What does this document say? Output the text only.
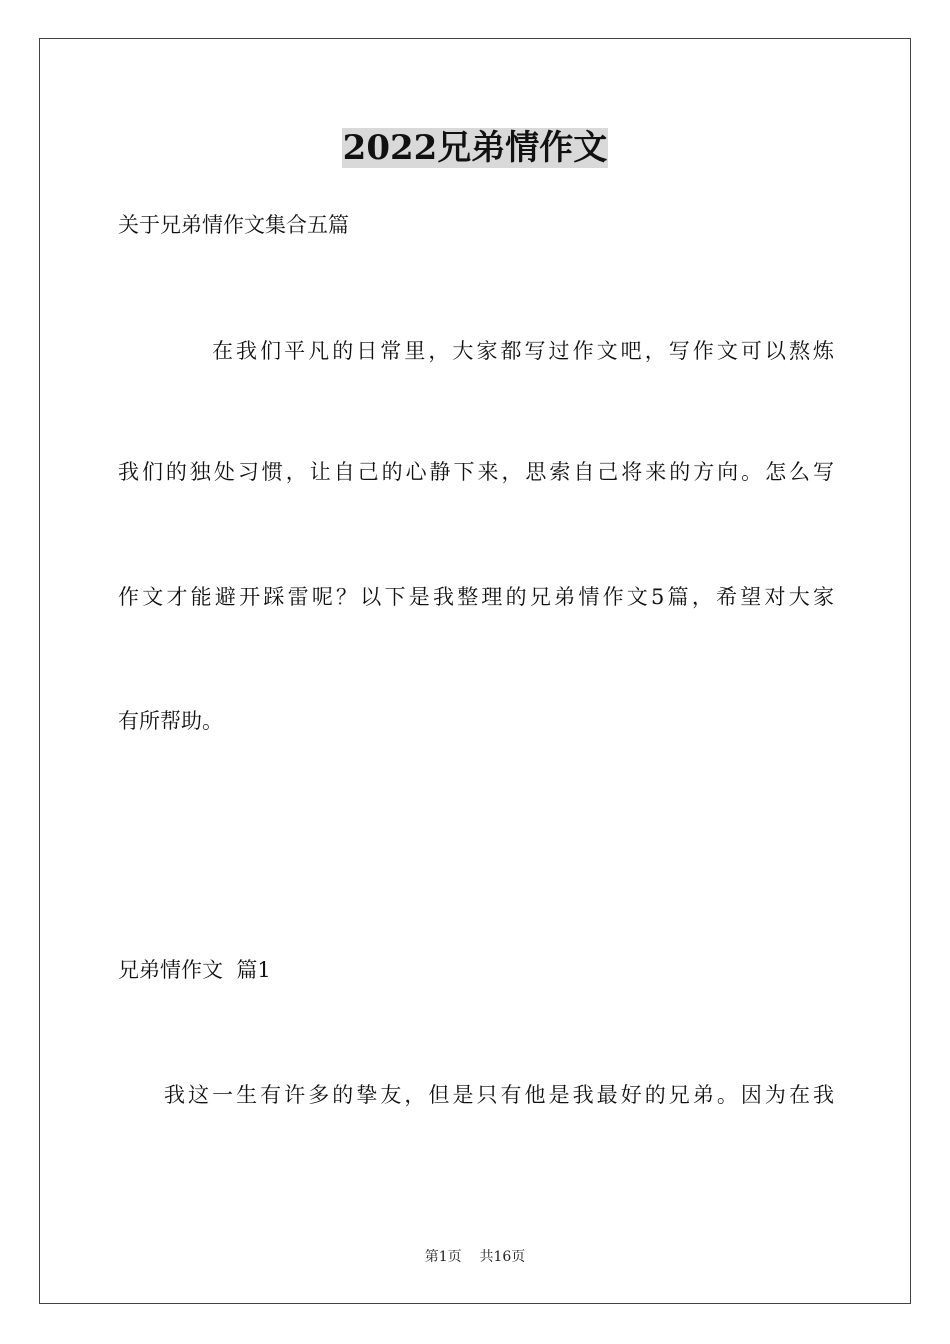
2022兄弟情作文
关于兄弟情作文集合五篇
在我们平凡的日常里，大家都写过作文吧，写作文可以熬炼
我们的独处习惯，让自己的心静下来，思索自己将来的方向。怎么写
作文才能避开踩雷呢？以下是我整理的兄弟情作文5篇，希望对大家
有所帮助。
兄弟情作文  篇1
我这一生有许多的挚友，但是只有他是我最好的兄弟。因为在我
第1页    共16页
